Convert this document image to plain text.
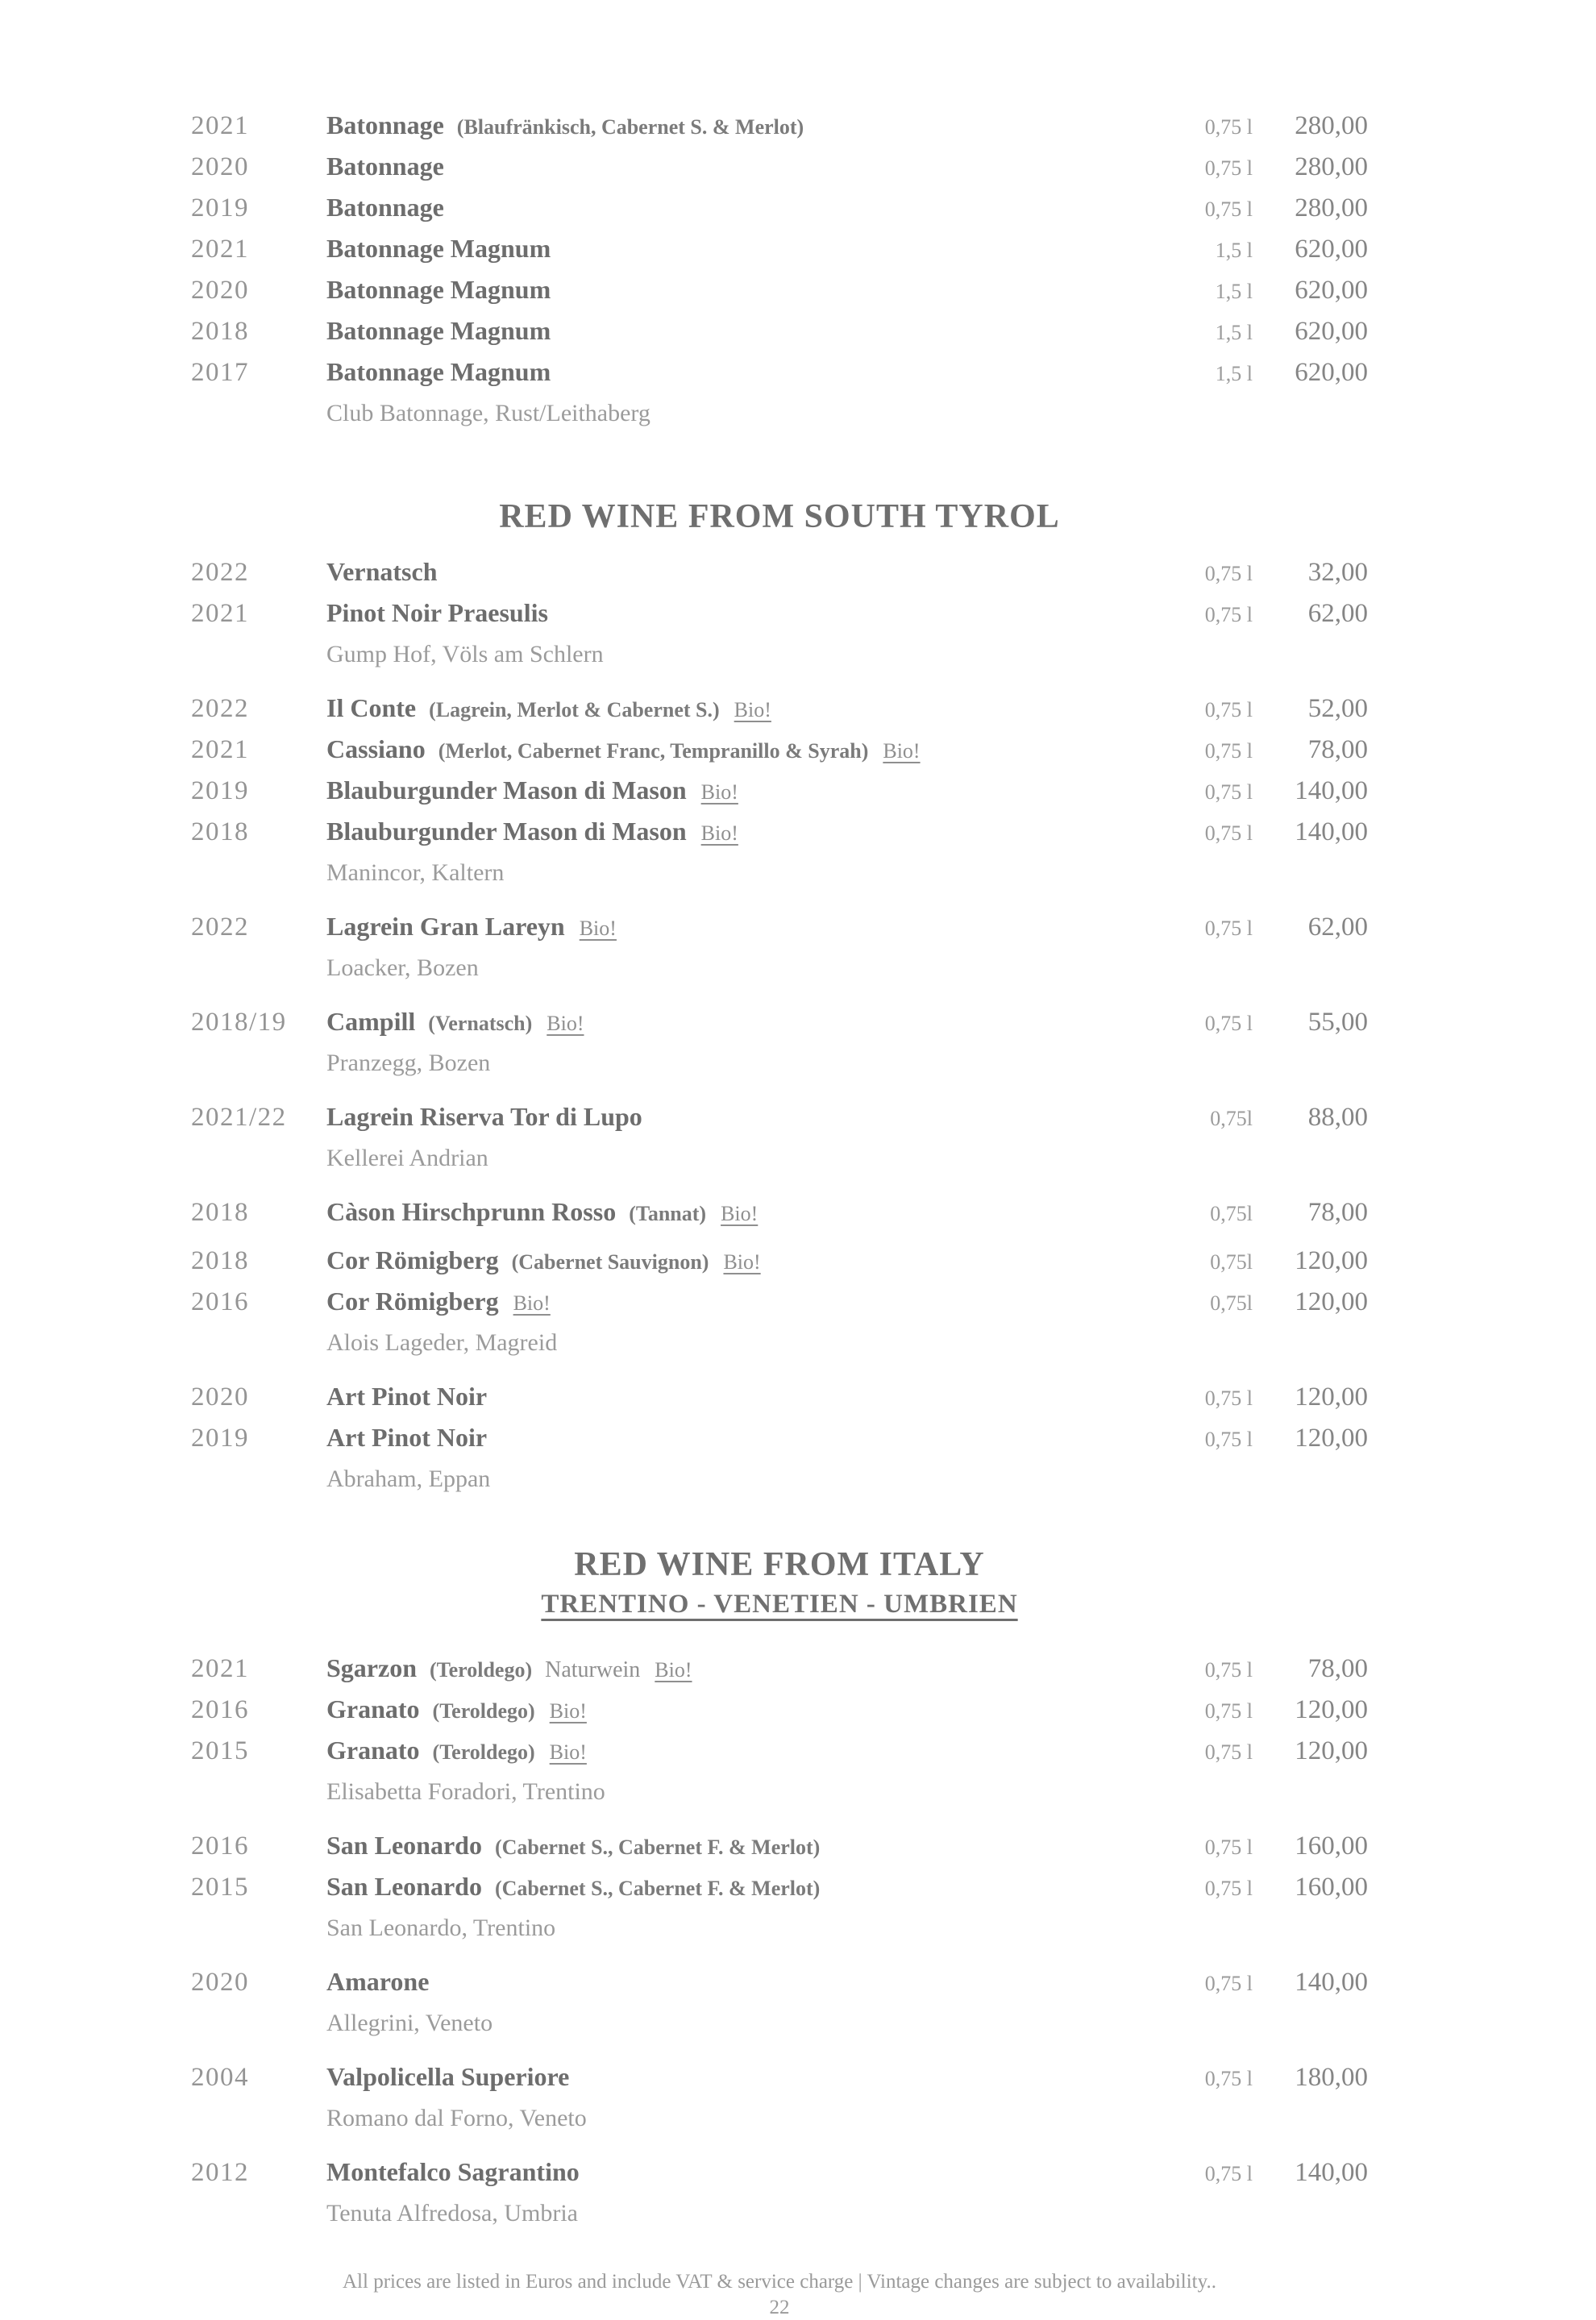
2021	Batonnage (Blaufränkisch, Cabernet S. & Merlot)	0,75 l	280,00
2020	Batonnage	0,75 l	280,00
2019	Batonnage	0,75 l	280,00
2021	Batonnage Magnum	1,5 l	620,00
2020	Batonnage Magnum	1,5 l	620,00
2018	Batonnage Magnum	1,5 l	620,00
2017	Batonnage Magnum	1,5 l	620,00
Club Batonnage, Rust/Leithaberg
RED WINE FROM SOUTH TYROL
2022	Vernatsch	0,75 l	32,00
2021	Pinot Noir Praesulis	0,75 l	62,00
Gump Hof, Völs am Schlern
2022	Il Conte (Lagrein, Merlot & Cabernet S.) Bio!	0,75 l	52,00
2021	Cassiano (Merlot, Cabernet Franc, Tempranillo & Syrah) Bio!	0,75 l	78,00
2019	Blauburgunder Mason di Mason Bio!	0,75 l	140,00
2018	Blauburgunder Mason di Mason Bio!	0,75 l	140,00
Manincor, Kaltern
2022	Lagrein Gran Lareyn Bio!	0,75 l	62,00
Loacker, Bozen
2018/19	Campill (Vernatsch) Bio!	0,75 l	55,00
Pranzegg, Bozen
2021/22	Lagrein Riserva Tor di Lupo	0,75l	88,00
Kellerei Andrian
2018	Càson Hirschprunn Rosso (Tannat) Bio!	0,75l	78,00
2018	Cor Römigberg (Cabernet Sauvignon) Bio!	0,75l	120,00
2016	Cor Römigberg Bio!	0,75l	120,00
Alois Lageder, Magreid
2020	Art Pinot Noir	0,75 l	120,00
2019	Art Pinot Noir	0,75 l	120,00
Abraham, Eppan
RED WINE FROM ITALY
TRENTINO - VENETIEN - UMBRIEN
2021	Sgarzon (Teroldego) Naturwein Bio!	0,75 l	78,00
2016	Granato (Teroldego) Bio!	0,75 l	120,00
2015	Granato (Teroldego) Bio!	0,75 l	120,00
Elisabetta Foradori, Trentino
2016	San Leonardo (Cabernet S., Cabernet F. & Merlot)	0,75 l	160,00
2015	San Leonardo (Cabernet S., Cabernet F. & Merlot)	0,75 l	160,00
San Leonardo, Trentino
2020	Amarone	0,75 l	140,00
Allegrini, Veneto
2004	Valpolicella Superiore	0,75 l	180,00
Romano dal Forno, Veneto
2012	Montefalco Sagrantino	0,75 l	140,00
Tenuta Alfredosa, Umbria
All prices are listed in Euros and include VAT & service charge | Vintage changes are subject to availability..
22
